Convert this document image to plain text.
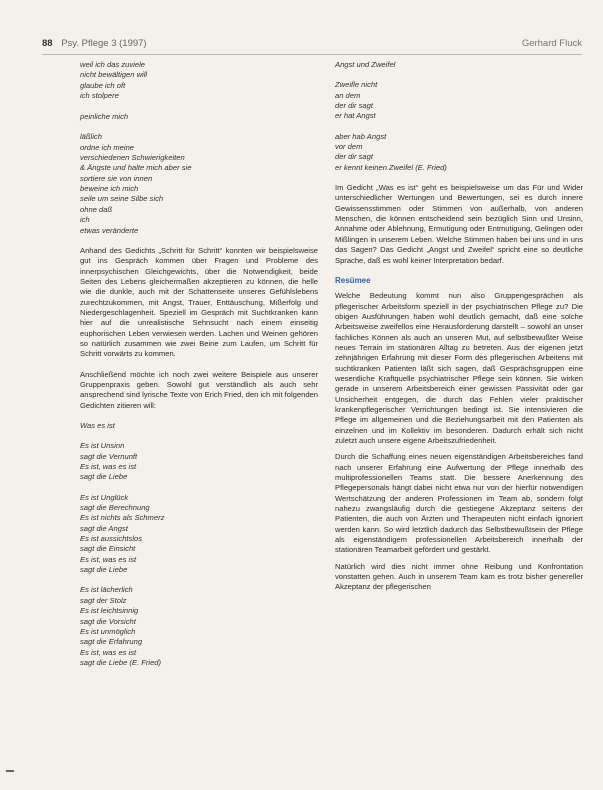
88 Psy. Pflege 3 (1997)	Gerhard Fluck
weil ich das zuviele
nicht bewältigen will
glaube ich oft
ich stolpere

peinliche mich

läßlich
ordne ich meine
verschiedenen Schwierigkeiten
& Ängste und halte mich aber sie
sortiere sie von innen
beweine ich mich
seile um seine Silbe sich
ohne daß
ich
etwas veränderte
Anhand des Gedichts „Schritt für Schritt“ konnten wir beispielsweise gut ins Gespräch kommen über Fragen und Probleme des innerpsychischen Gleichgewichts, über die Notwendigkeit, beide Seiten des Lebens gleichermaßen akzeptieren zu können, die helle wie die dunkle, auch mit der Schattenseite unseres Gefühlslebens zurechtzukommen, mit Angst, Trauer, Enttäuschung, Mißerfolg und Niedergeschlagenheit. Speziell im Gespräch mit Suchtkranken kann hier auf die unrealistische Sehnsucht nach einem einseitig euphorischen Leben verwiesen werden. Lachen und Weinen gehören so natürlich zusammen wie zwei Beine zum Laufen, um Schritt für Schritt vorwärts zu kommen.
Anschließend möchte ich noch zwei weitere Beispiele aus unserer Gruppenpraxis geben. Sowohl gut verständlich als auch sehr ansprechend sind lyrische Texte von Erich Fried, den ich mit folgenden Gedichten zitieren will:
Was es ist
Es ist Unsinn
sagt die Vernunft
Es ist, was es ist
sagt die Liebe
Es ist Unglück
sagt die Berechnung
Es ist nichts als Schmerz
sagt die Angst
Es ist aussichtslos
sagt die Einsicht
Es ist, was es ist
sagt die Liebe
Es ist lächerlich
sagt der Stolz
Es ist leichtsinnig
sagt die Vorsicht
Es ist unmöglich
sagt die Erfahrung
Es ist, was es ist
sagt die Liebe (E. Fried)
Angst und Zweifel
Zweifle nicht
an dem
der dir sagt
er hat Angst
aber hab Angst
vor dem
der dir sagt
er kennt keinen Zweifel (E. Fried)
Im Gedicht „Was es ist“ geht es beispielsweise um das Für und Wider unterschiedlicher Wertungen und Bewertungen, sei es durch innere Gewissensstimmen oder Stimmen von außerhalb, von anderen Menschen, die können entscheidend sein bezüglich Sinn und Unsinn, Annahme oder Ablehnung, Ermutigung oder Entmutigung, Gelingen oder Mißlingen in unserem Leben. Welche Stimmen haben bei uns und in uns das Sagen? Das Gedicht „Angst und Zweifel“ spricht eine so deutliche Sprache, daß es wohl keiner Interpretation bedarf.
Resümee
Welche Bedeutung kommt nun also Gruppengesprächen als pflegerischer Arbeitsform speziell in der psychiatrischen Pflege zu? Die obigen Ausführungen haben wohl deutlich gemacht, daß eine solche Arbeitsweise zweifellos eine Herausforderung darstellt – sowohl an unser fachliches Können als auch an unseren Mut, auf selbstbewußter Weise neues Terrain im stationären Alltag zu betreten. Aus der eigenen jetzt zehnjährigen Erfahrung mit dieser Form des pflegerischen Arbeitens mit suchtkranken Patienten läßt sich sagen, daß Gesprächsgruppen eine wesentliche Kraftquelle psychiatrischer Pflege sein können. Sie wirken gerade in unserem Arbeitsbereich einer gewissen Passivität oder gar Unsicherheit entgegen, die durch das Fehlen vieler praktischer krankenpflegerischer Verrichtungen bedingt ist. Sie intensivieren die Pflege im allgemeinen und die Beziehungsarbeit mit den Patienten als einzelnen und im Kollektiv im besonderen. Dadurch erhält sich nicht zuletzt auch unsere eigene Arbeitszufriedenheit.
Durch die Schaffung eines neuen eigenständigen Arbeitsbereiches fand nach unserer Erfahrung eine Aufwertung der Pflege innerhalb des multiprofessionellen Teams statt. Die bessere Anerkennung des Pflegepersonals hängt dabei nicht etwa nur von der hierfür notwendigen Wertschätzung der anderen Professionen im Team ab, sondern folgt nahezu zwangsläufig durch die gestiegene Akzeptanz seitens der Patienten, die auch von Ärzten und Therapeuten nicht einfach ignoriert werden kann. So wird letztlich dadurch das Selbstbewußtsein der Pflege als eigenständigem professionellen Arbeitsbereich innerhalb der stationären Teamarbeit gefördert und gestärkt.
Natürlich wird dies nicht immer ohne Reibung und Konfrontation vonstatten gehen. Auch in unserem Team kam es trotz bisher genereller Akzeptanz der pflegerischen
